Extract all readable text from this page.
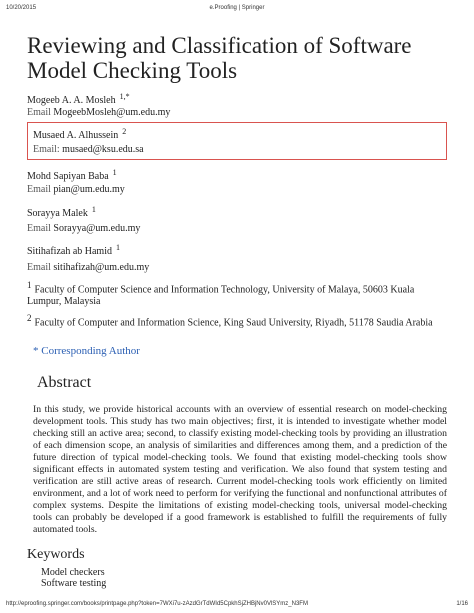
10/20/2015	e.Proofing | Springer
Reviewing and Classification of Software Model Checking Tools
Mogeeb A. A. Mosleh $^{1,*}$
Email MogeebMosleh@um.edu.my
Musaed A. Alhussein $^2$
Email: musaed@ksu.edu.sa
Mohd Sapiyan Baba $^1$
Email pian@um.edu.my
Sorayya Malek $^1$
Email Sorayya@um.edu.my
Sitihafizah ab Hamid $^1$
Email sitihafizah@um.edu.my
$^1$ Faculty of Computer Science and Information Technology, University of Malaya, 50603 Kuala Lumpur, Malaysia
$^2$ Faculty of Computer and Information Science, King Saud University, Riyadh, 51178 Saudia Arabia
* Corresponding Author
Abstract

In this study, we provide historical accounts with an overview of essential research on model-checking development tools. This study has two main objectives; first, it is intended to investigate whether model checking still an active area; second, to classify existing model-checking tools by providing an illustration of each dimension scope, an analysis of similarities and differences among them, and a prediction of the future direction of typical model-checking tools. We found that existing model-checking tools show significant effects in automated system testing and verification. We also found that system testing and verification are still active areas of research. Current model-checking tools work efficiently on limited environment, and a lot of work need to perform for verifying the functional and nonfunctional attributes of complex systems. Despite the limitations of existing model-checking tools, universal model-checking tools can probably be developed if a good framework is established to fulfill the requirements of fully automated tools.

Keywords
Model checkers
Software testing
http://eproofing.springer.com/books/printpage.php?token=7WXi7u-zAzdGrTdWId5CpkhSjZHBjNv0VlSYmz_N3FM	1/16
